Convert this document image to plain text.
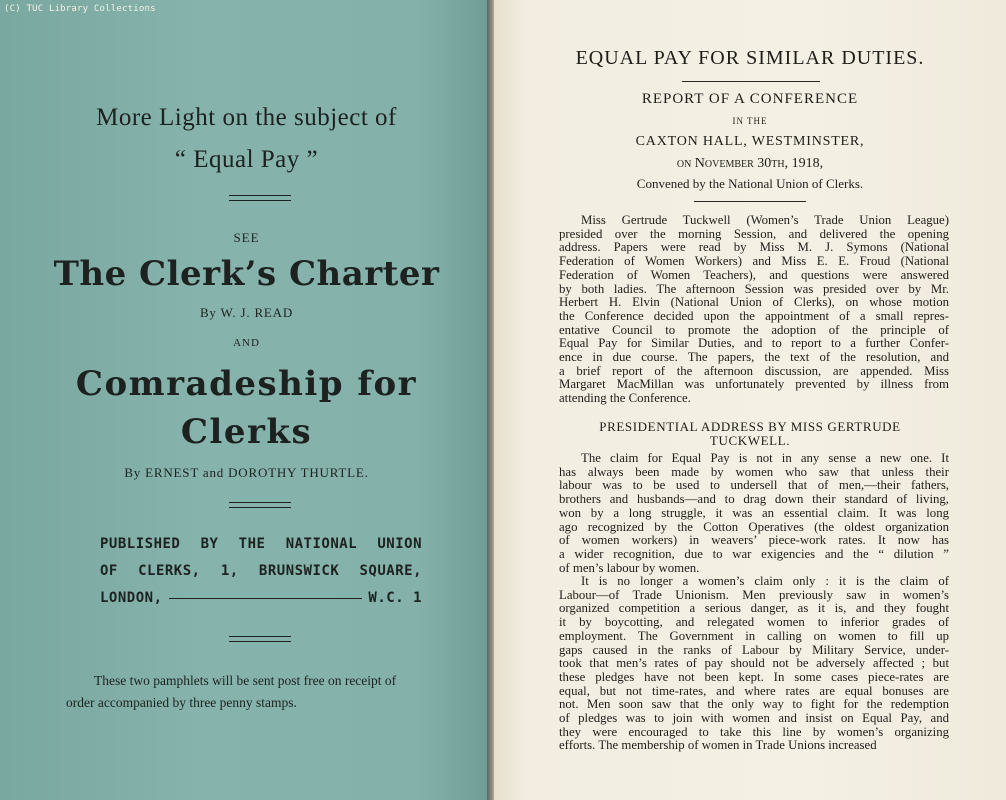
(C) TUC Library Collections
More Light on the subject of
“ Equal Pay ”
SEE
The Clerk’s Charter
By W. J. READ
AND
Comradeship for
Clerks
By ERNEST and DOROTHY THURTLE.
PUBLISHED BY THE NATIONAL UNION
OF CLERKS, 1, BRUNSWICK SQUARE,
LONDON,	W.C. 1
These two pamphlets will be sent post free on receipt of
order accompanied by three penny stamps.
EQUAL PAY FOR SIMILAR DUTIES.
REPORT OF A CONFERENCE
IN THE
CAXTON HALL, WESTMINSTER,
on November 30th, 1918,
Convened by the National Union of Clerks.
Miss Gertrude Tuckwell (Women’s Trade Union League)
presided over the morning Session, and delivered the opening
address. Papers were read by Miss M. J. Symons (National
Federation of Women Workers) and Miss E. E. Froud (National
Federation of Women Teachers), and questions were answered
by both ladies. The afternoon Session was presided over by Mr.
Herbert H. Elvin (National Union of Clerks), on whose motion
the Conference decided upon the appointment of a small repres-
entative Council to promote the adoption of the principle of
Equal Pay for Similar Duties, and to report to a further Confer-
ence in due course. The papers, the text of the resolution, and
a brief report of the afternoon discussion, are appended. Miss
Margaret MacMillan was unfortunately prevented by illness from
attending the Conference.
PRESIDENTIAL ADDRESS BY MISS GERTRUDE
TUCKWELL.
The claim for Equal Pay is not in any sense a new one. It
has always been made by women who saw that unless their
labour was to be used to undersell that of men,—their fathers,
brothers and husbands—and to drag down their standard of living,
won by a long struggle, it was an essential claim. It was long
ago recognized by the Cotton Operatives (the oldest organization
of women workers) in weavers’ piece-work rates. It now has
a wider recognition, due to war exigencies and the “ dilution ”
of men’s labour by women.
It is no longer a women’s claim only : it is the claim of
Labour—of Trade Unionism. Men previously saw in women’s
organized competition a serious danger, as it is, and they fought
it by boycotting, and relegated women to inferior grades of
employment. The Government in calling on women to fill up
gaps caused in the ranks of Labour by Military Service, under-
took that men’s rates of pay should not be adversely affected ; but
these pledges have not been kept. In some cases piece-rates are
equal, but not time-rates, and where rates are equal bonuses are
not. Men soon saw that the only way to fight for the redemption
of pledges was to join with women and insist on Equal Pay, and
they were encouraged to take this line by women’s organizing
efforts. The membership of women in Trade Unions increased
